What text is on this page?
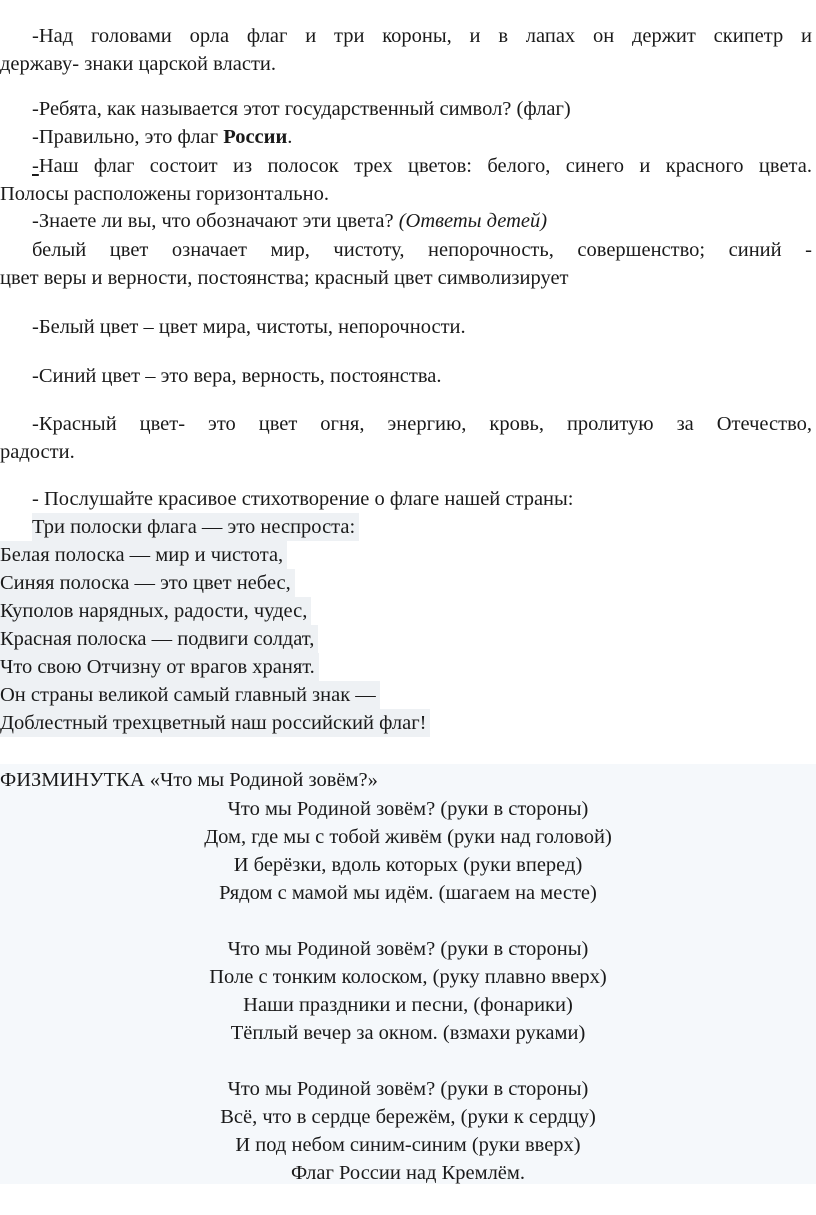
-Над головами орла флаг и три короны, и в лапах он держит скипетр и
державу- знаки царской власти.
-Ребята, как называется этот государственный символ? (флаг)
-Правильно, это флаг России.
-Наш флаг состоит из полосок трех цветов: белого, синего и красного цвета.
Полосы расположены горизонтально.
-Знаете ли вы, что обозначают эти цвета? (Ответы детей)
белый цвет означает мир, чистоту, непорочность, совершенство; синий -
цвет веры и верности, постоянства; красный цвет символизирует
-Белый цвет – цвет мира, чистоты, непорочности.
-Синий цвет – это вера, верность, постоянства.
-Красный цвет- это цвет огня, энергию, кровь, пролитую за Отечество,
радости.
- Послушайте красивое стихотворение о флаге нашей страны:
Три полоски флага — это неспроста:
Белая полоска — мир и чистота,
Синяя полоска — это цвет небес,
Куполов нарядных, радости, чудес,
Красная полоска — подвиги солдат,
Что свою Отчизну от врагов хранят.
Он страны великой самый главный знак —
Доблестный трехцветный наш российский флаг!
ФИЗМИНУТКА «Что мы Родиной зовём?»
Что мы Родиной зовём? (руки в стороны)
Дом, где мы с тобой живём (руки над головой)
И берёзки, вдоль которых (руки вперед)
Рядом с мамой мы идём. (шагаем на месте)
Что мы Родиной зовём? (руки в стороны)
Поле с тонким колоском, (руку плавно вверх)
Наши праздники и песни, (фонарики)
Тёплый вечер за окном. (взмахи руками)
Что мы Родиной зовём? (руки в стороны)
Всё, что в сердце бережём, (руки к сердцу)
И под небом синим-синим (руки вверх)
Флаг России над Кремлём.
